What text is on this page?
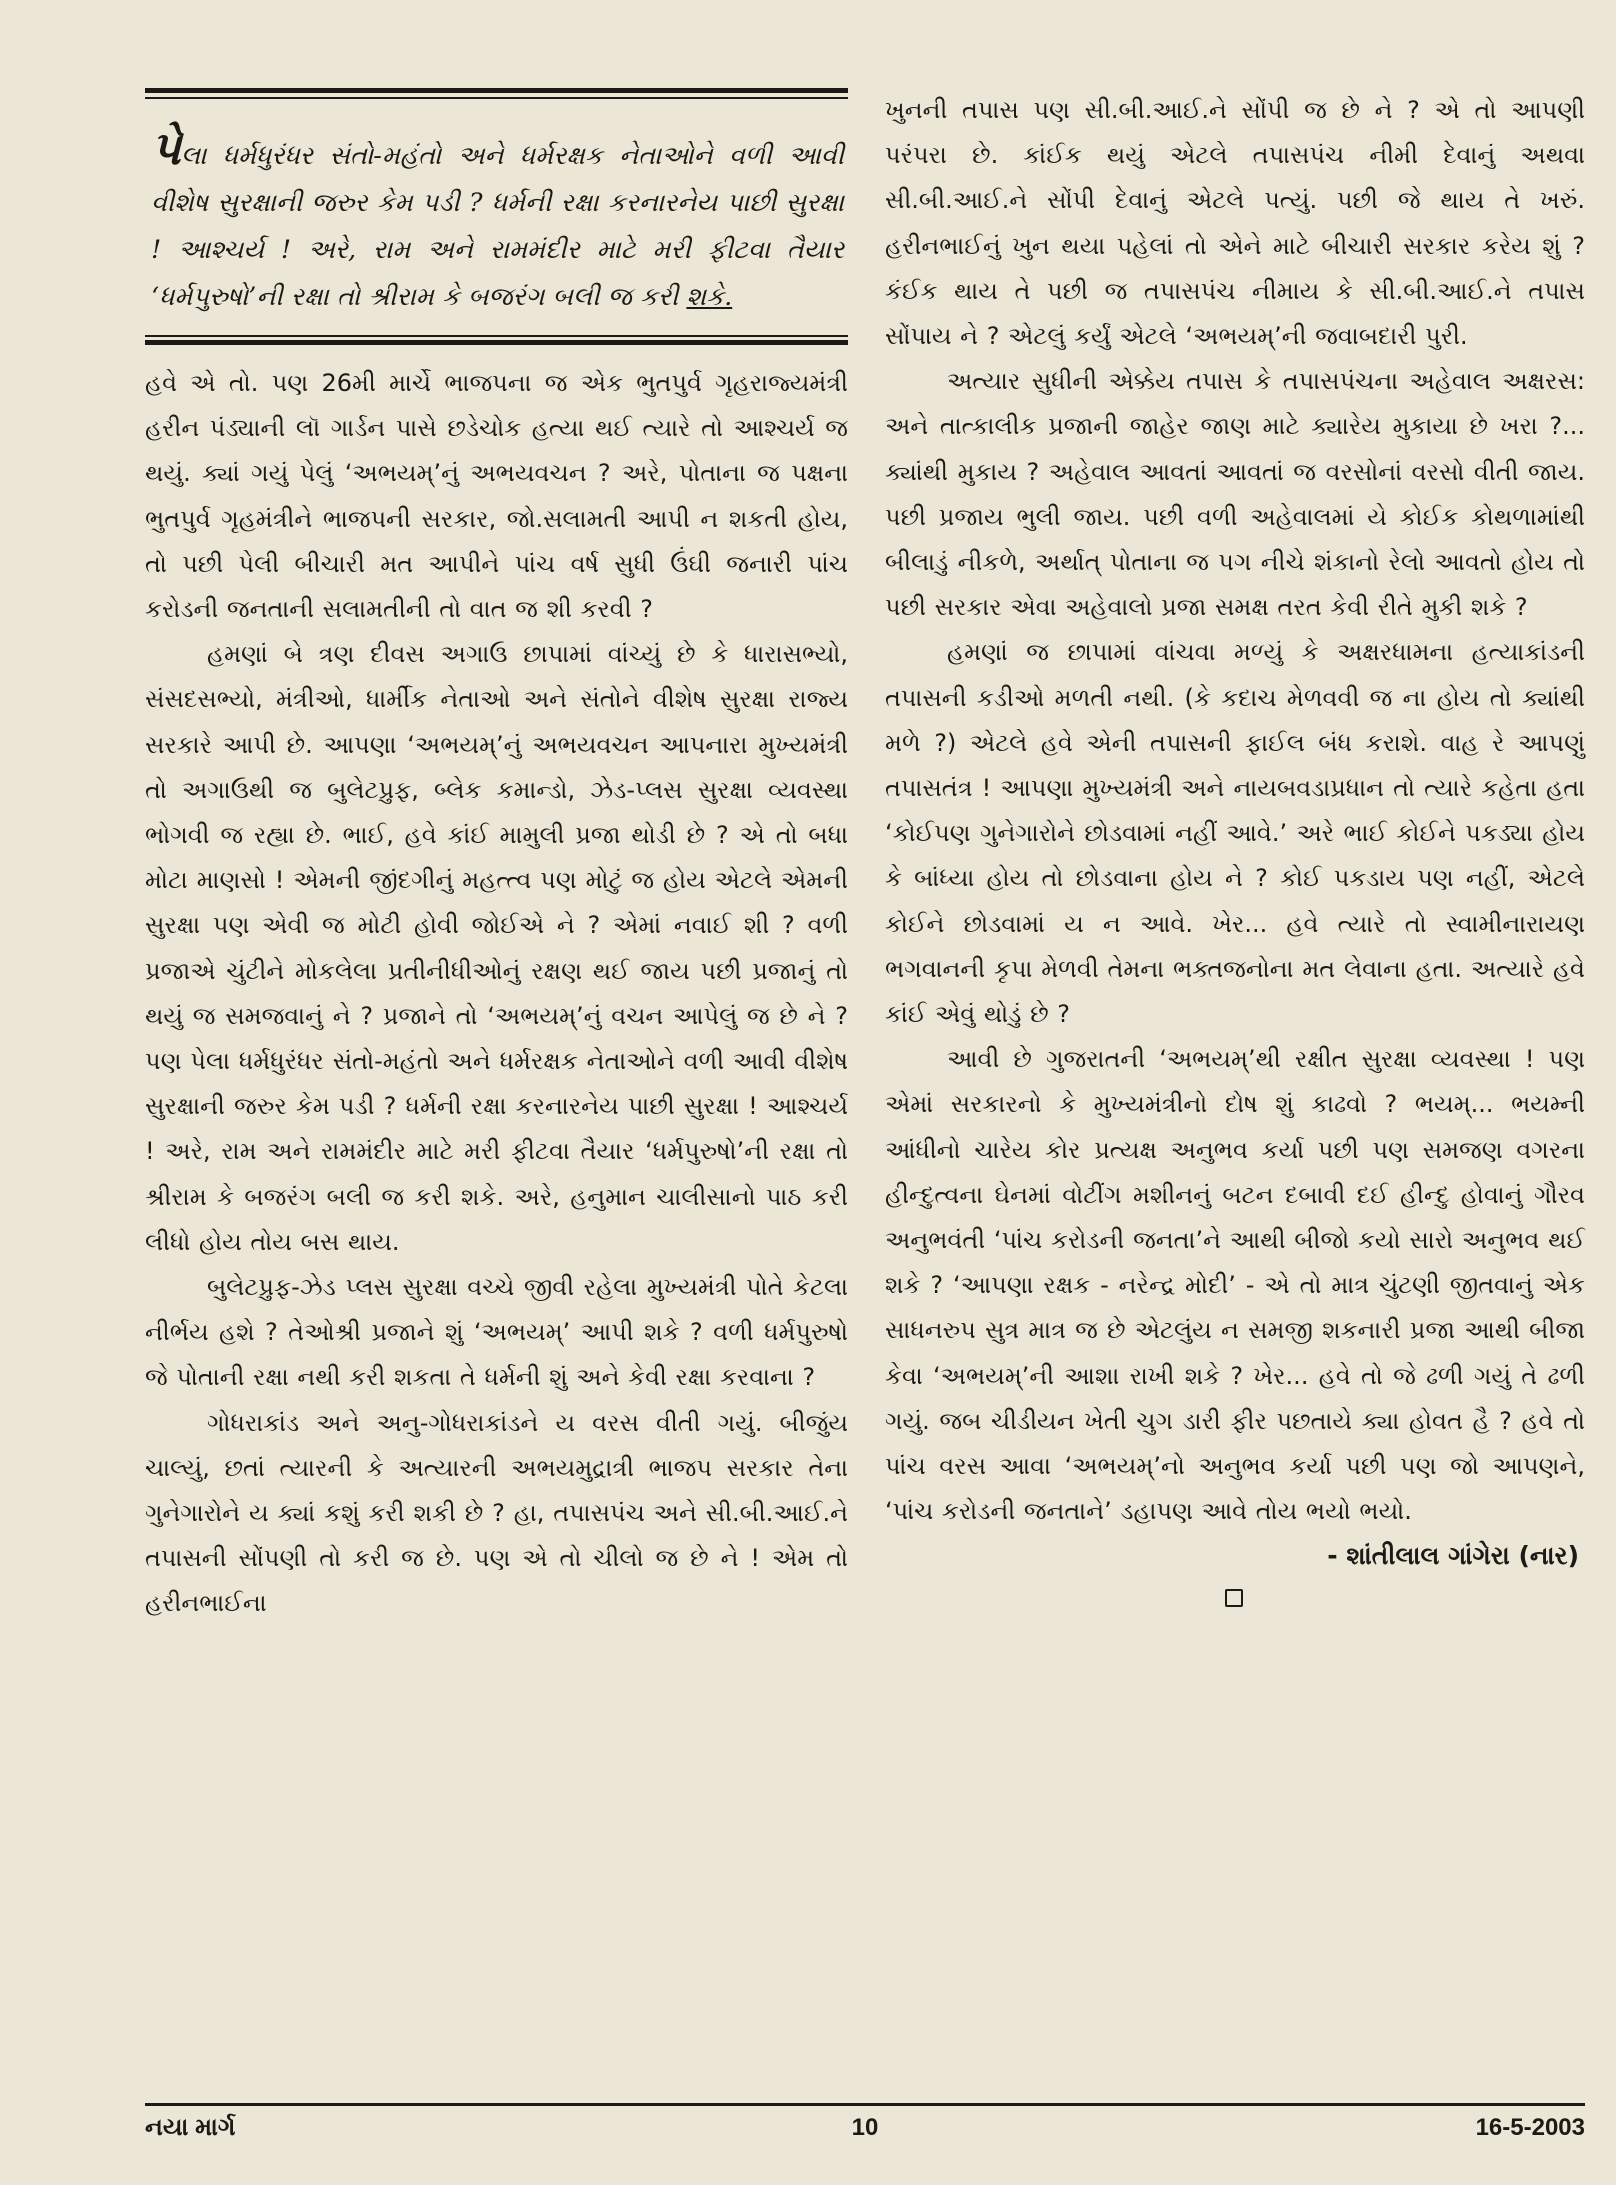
પેલા ધર્મધુરંધર સંતો-મહંતો અને ધર્મરક્ષક નેતાઓને વળી આવી વીશેષ સુરક્ષાની જરુર કેમ પડી ? ધર્મની રક્ષા કરનારનેય પાછી સુરક્ષા ! આશ્ચર્ય ! અરે, રામ અને રામમંદીર માટે મરી ફીટવા તૈયાર ‘ધર્મપુરુષો’ની રક્ષા તો શ્રીરામ કે બજરંગ બલી જ કરી શકે.

હવે એ તો. પણ 26મી માર્ચે ભાજપના જ એક ભુતપુર્વ ગૃહરાજ્યમંત્રી હરીન પંડ્યાની લૉ ગાર્ડન પાસે છડેચોક હત્યા થઈ ત્યારે તો આશ્ચર્ય જ થયું. ક્યાં ગયું પેલું ‘અભયમ્’નું અભયવચન ? અરે, પોતાના જ પક્ષના ભુતપુર્વ ગૃહમંત્રીને ભાજપની સરકાર, જો.સલામતી આપી ન શકતી હોય, તો પછી પેલી બીચારી મત આપીને પાંચ વર્ષ સુધી ઉંઘી જનારી પાંચ કરોડની જનતાની સલામતીની તો વાત જ શી કરવી ?

હમણાં બે ત્રણ દીવસ અગાઉ છાપામાં વાંચ્યું છે કે ધારાસભ્યો, સંસદસભ્યો, મંત્રીઓ, ધાર્મીક નેતાઓ અને સંતોને વીશેષ સુરક્ષા રાજ્ય સરકારે આપી છે. આપણા ‘અભયમ્’નું અભયવચન આપનારા મુખ્યમંત્રી તો અગાઉથી જ બુલેટપ્રુફ, બ્લેક કમાન્ડો, ઝેડ-પ્લસ સુરક્ષા વ્યવસ્થા ભોગવી જ રહ્યા છે. ભાઈ, હવે કાંઈ મામુલી પ્રજા થોડી છે ? એ તો બધા મોટા માણસો ! એમની જીંદગીનું મહત્ત્વ પણ મોટું જ હોય એટલે એમની સુરક્ષા પણ એવી જ મોટી હોવી જોઈએ ને ? એમાં નવાઈ શી ? વળી પ્રજાએ ચુંટીને મોકલેલા પ્રતીનીધીઓનું રક્ષણ થઈ જાય પછી પ્રજાનું તો થયું જ સમજવાનું ને ? પ્રજાને તો ‘અભયમ્’નું વચન આપેલું જ છે ને ? પણ પેલા ધર્મધુરંધર સંતો-મહંતો અને ધર્મરક્ષક નેતાઓને વળી આવી વીશેષ સુરક્ષાની જરુર કેમ પડી ? ધર્મની રક્ષા કરનારનેય પાછી સુરક્ષા ! આશ્ચર્ય ! અરે, રામ અને રામમંદીર માટે મરી ફીટવા તૈયાર ‘ધર્મપુરુષો’ની રક્ષા તો શ્રીરામ કે બજરંગ બલી જ કરી શકે. અરે, હનુમાન ચાલીસાનો પાઠ કરી લીધો હોય તોય બસ થાય.

બુલેટપ્રુફ-ઝેડ પ્લસ સુરક્ષા વચ્ચે જીવી રહેલા મુખ્યમંત્રી પોતે કેટલા નીર્ભય હશે ? તેઓશ્રી પ્રજાને શું ‘અભયમ્’ આપી શકે ? વળી ધર્મપુરુષો જે પોતાની રક્ષા નથી કરી શકતા તે ધર્મની શું અને કેવી રક્ષા કરવાના ?

ગોધરાકાંડ અને અનુ-ગોધરાકાંડને ય વરસ વીતી ગયું. બીજુંય ચાલ્યું, છતાં ત્યારની કે અત્યારની અભયમુદ્રાત્રી ભાજપ સરકાર તેના ગુનેગારોને ય ક્યાં કશું કરી શકી છે ? હા, તપાસપંચ અને સી.બી.આઈ.ને તપાસની સોંપણી તો કરી જ છે. પણ એ તો ચીલો જ છે ને ! એમ તો હરીનભાઈના

ખુનની તપાસ પણ સી.બી.આઈ.ને સોંપી જ છે ને ? એ તો આપણી પરંપરા છે. કાંઈક થયું એટલે તપાસપંચ નીમી દેવાનું અથવા સી.બી.આઈ.ને સોંપી દેવાનું એટલે પત્યું. પછી જે થાય તે ખરું. હરીનભાઈનું ખુન થયા પહેલાં તો એને માટે બીચારી સરકાર કરેય શું ? કંઈક થાય તે પછી જ તપાસપંચ નીમાય કે સી.બી.આઈ.ને તપાસ સોંપાય ને ? એટલું કર્યું એટલે ‘અભયમ્’ની જવાબદારી પુરી.

અત્યાર સુધીની એક્કેય તપાસ કે તપાસપંચના અહેવાલ અક્ષરસ: અને તાત્કાલીક પ્રજાની જાહેર જાણ માટે ક્યારેય મુકાયા છે ખરા ?... ક્યાંથી મુકાય ? અહેવાલ આવતાં આવતાં જ વરસોનાં વરસો વીતી જાય. પછી પ્રજાય ભુલી જાય. પછી વળી અહેવાલમાં યે કોઈક કોથળામાંથી બીલાડું નીકળે, અર્થાત્ પોતાના જ પગ નીચે શંકાનો રેલો આવતો હોય તો પછી સરકાર એવા અહેવાલો પ્રજા સમક્ષ તરત કેવી રીતે મુકી શકે ?

હમણાં જ છાપામાં વાંચવા મળ્યું કે અક્ષરધામના હત્યાકાંડની તપાસની કડીઓ મળતી નથી. (કે કદાચ મેળવવી જ ના હોય તો ક્યાંથી મળે ?) એટલે હવે એની તપાસની ફાઈલ બંધ કરાશે. વાહ રે આપણું તપાસતંત્ર ! આપણા મુખ્યમંત્રી અને નાયબવડાપ્રધાન તો ત્યારે કહેતા હતા ‘કોઈપણ ગુનેગારોને છોડવામાં નહીં આવે.’ અરે ભાઈ કોઈને પકડ્યા હોય કે બાંધ્યા હોય તો છોડવાના હોય ને ? કોઈ પકડાય પણ નહીં, એટલે કોઈને છોડવામાં ય ન આવે. ખેર... હવે ત્યારે તો સ્વામીનારાયણ ભગવાનની કૃપા મેળવી તેમના ભક્તજનોના મત લેવાના હતા. અત્યારે હવે કાંઈ એવું થોડું છે ?

આવી છે ગુજરાતની ‘અભયમ્’થી રક્ષીત સુરક્ષા વ્યવસ્થા ! પણ એમાં સરકારનો કે મુખ્યમંત્રીનો દોષ શું કાઢવો ? ભયમ્... ભયમ્ની આંધીનો ચારેય કોર પ્રત્યક્ષ અનુભવ કર્યા પછી પણ સમજણ વગરના હીન્દુત્વના ઘેનમાં વોટીંગ મશીનનું બટન દબાવી દઈ હીન્દુ હોવાનું ગૌરવ અનુભવંતી ‘પાંચ કરોડની જનતા’ને આથી બીજો કયો સારો અનુભવ થઈ શકે ? ‘આપણા રક્ષક - નરેન્દ્ર મોદી’ - એ તો માત્ર ચુંટણી જીતવાનું એક સાધનરુપ સુત્ર માત્ર જ છે એટલુંય ન સમજી શકનારી પ્રજા આથી બીજા કેવા ‘અભયમ્’ની આશા રાખી શકે ? ખેર... હવે તો જે ઢળી ગયું તે ઢળી ગયું. જબ ચીડીયન ખેતી ચુગ ડારી ફીર પછતાયે ક્યા હોવત હૈ ? હવે તો પાંચ વરસ આવા ‘અભયમ્’નો અનુભવ કર્યા પછી પણ જો આપણને, ‘પાંચ કરોડની જનતાને’ ડહાપણ આવે તોય ભયો ભયો.

- શાંતીલાલ ગાંગેરા (નાર)
નયા માર્ગ	10	16-5-2003
